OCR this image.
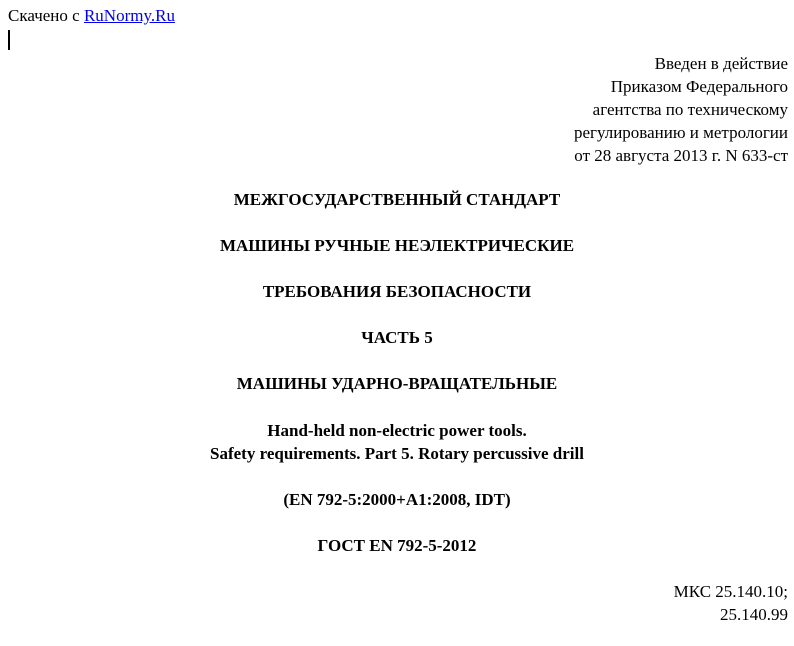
Скачено с RuNormy.Ru
Введен в действие
Приказом Федерального
агентства по техническому
регулированию и метрологии
от 28 августа 2013 г. N 633-ст
МЕЖГОСУДАРСТВЕННЫЙ СТАНДАРТ
МАШИНЫ РУЧНЫЕ НЕЭЛЕКТРИЧЕСКИЕ
ТРЕБОВАНИЯ БЕЗОПАСНОСТИ
ЧАСТЬ 5
МАШИНЫ УДАРНО-ВРАЩАТЕЛЬНЫЕ
Hand-held non-electric power tools.
Safety requirements. Part 5. Rotary percussive drill
(EN 792-5:2000+A1:2008, IDT)
ГОСТ EN 792-5-2012
МКС 25.140.10;
25.140.99
